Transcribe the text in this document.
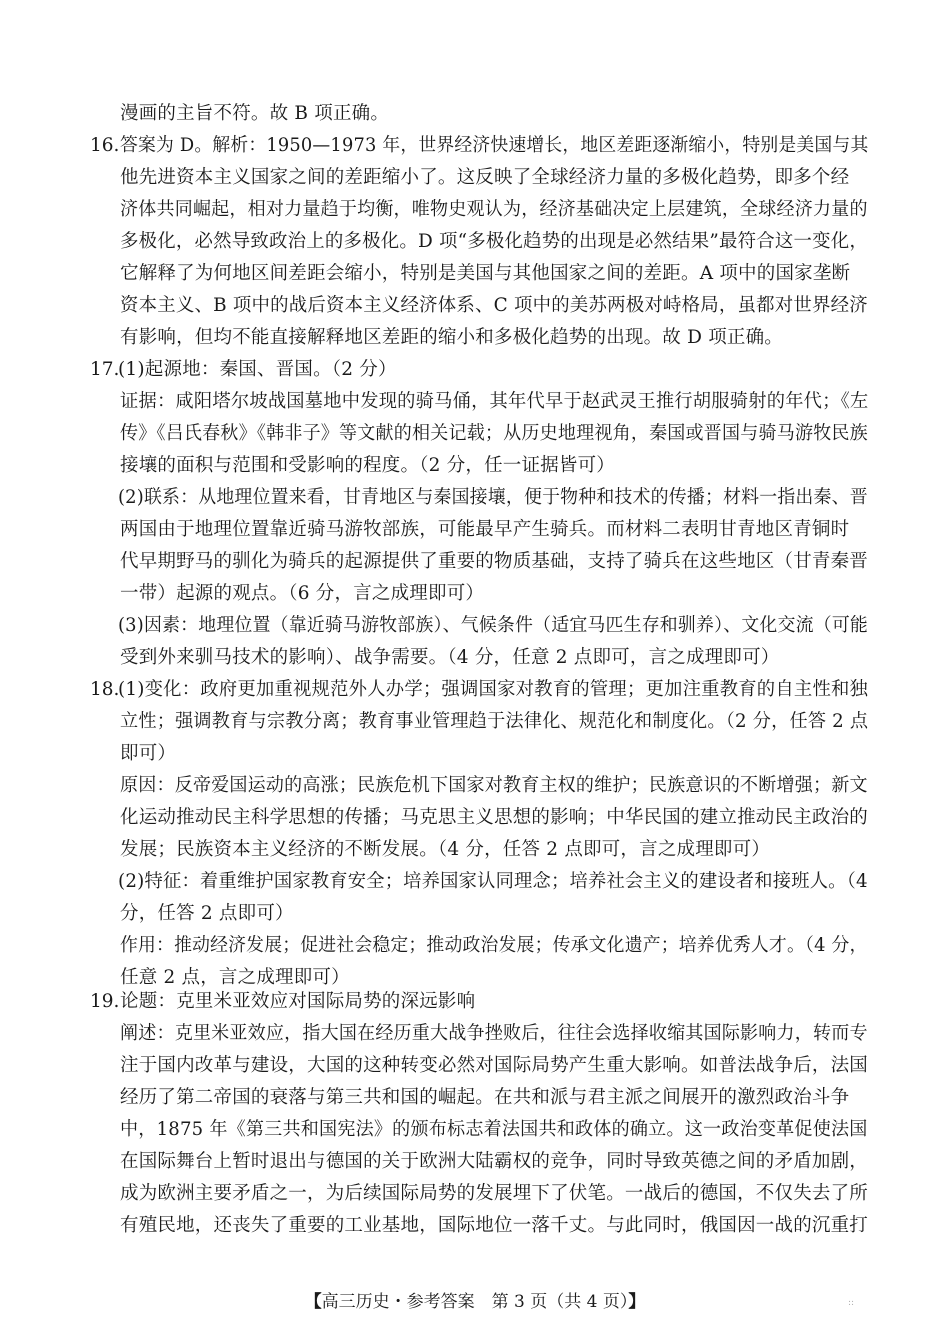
16.
17.
18.
19.
漫画的主旨不符。故 B 项正确。
答案为 D。解析：1950—1973 年，世界经济快速增长，地区差距逐渐缩小，特别是美国与其
他先进资本主义国家之间的差距缩小了。这反映了全球经济力量的多极化趋势，即多个经
济体共同崛起，相对力量趋于均衡，唯物史观认为，经济基础决定上层建筑，全球经济力量的
多极化，必然导致政治上的多极化。D 项“多极化趋势的出现是必然结果”最符合这一变化，
它解释了为何地区间差距会缩小，特别是美国与其他国家之间的差距。A 项中的国家垄断
资本主义、B 项中的战后资本主义经济体系、C 项中的美苏两极对峙格局，虽都对世界经济
有影响，但均不能直接解释地区差距的缩小和多极化趋势的出现。故 D 项正确。
(1)起源地：秦国、晋国。（2 分）
证据：咸阳塔尔坡战国墓地中发现的骑马俑，其年代早于赵武灵王推行胡服骑射的年代；《左
传》《吕氏春秋》《韩非子》等文献的相关记载；从历史地理视角，秦国或晋国与骑马游牧民族
接壤的面积与范围和受影响的程度。（2 分，任一证据皆可）
(2)联系：从地理位置来看，甘青地区与秦国接壤，便于物种和技术的传播；材料一指出秦、晋
两国由于地理位置靠近骑马游牧部族，可能最早产生骑兵。而材料二表明甘青地区青铜时
代早期野马的驯化为骑兵的起源提供了重要的物质基础，支持了骑兵在这些地区（甘青秦晋
一带）起源的观点。（6 分，言之成理即可）
(3)因素：地理位置（靠近骑马游牧部族）、气候条件（适宜马匹生存和驯养）、文化交流（可能
受到外来驯马技术的影响）、战争需要。（4 分，任意 2 点即可，言之成理即可）
(1)变化：政府更加重视规范外人办学；强调国家对教育的管理；更加注重教育的自主性和独
立性；强调教育与宗教分离；教育事业管理趋于法律化、规范化和制度化。（2 分，任答 2 点
即可）
原因：反帝爱国运动的高涨；民族危机下国家对教育主权的维护；民族意识的不断增强；新文
化运动推动民主科学思想的传播；马克思主义思想的影响；中华民国的建立推动民主政治的
发展；民族资本主义经济的不断发展。（4 分，任答 2 点即可，言之成理即可）
(2)特征：着重维护国家教育安全；培养国家认同理念；培养社会主义的建设者和接班人。（4
分，任答 2 点即可）
作用：推动经济发展；促进社会稳定；推动政治发展；传承文化遗产；培养优秀人才。（4 分，
任意 2 点，言之成理即可）
论题：克里米亚效应对国际局势的深远影响
阐述：克里米亚效应，指大国在经历重大战争挫败后，往往会选择收缩其国际影响力，转而专
注于国内改革与建设，大国的这种转变必然对国际局势产生重大影响。如普法战争后，法国
经历了第二帝国的衰落与第三共和国的崛起。在共和派与君主派之间展开的激烈政治斗争
中，1875 年《第三共和国宪法》的颁布标志着法国共和政体的确立。这一政治变革促使法国
在国际舞台上暂时退出与德国的关于欧洲大陆霸权的竞争，同时导致英德之间的矛盾加剧，
成为欧洲主要矛盾之一，为后续国际局势的发展埋下了伏笔。一战后的德国，不仅失去了所
有殖民地，还丧失了重要的工业基地，国际地位一落千丈。与此同时，俄国因一战的沉重打
【高三历史・参考答案　第 3 页（共 4 页）】	::
